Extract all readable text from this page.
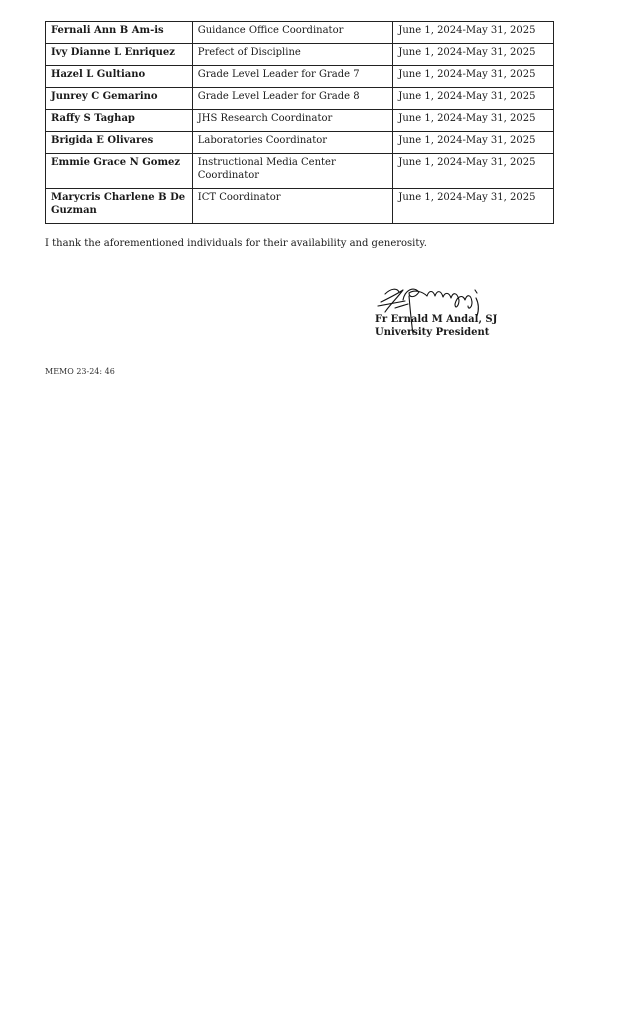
Fernali Ann B Am-is	Guidance Office Coordinator	June 1, 2024-May 31, 2025
Ivy Dianne L Enriquez	Prefect of Discipline	June 1, 2024-May 31, 2025
Hazel L Gultiano	Grade Level Leader for Grade 7	June 1, 2024-May 31, 2025
Junrey C Gemarino	Grade Level Leader for Grade 8	June 1, 2024-May 31, 2025
Raffy S Taghap	JHS Research Coordinator	June 1, 2024-May 31, 2025
Brigida E Olivares	Laboratories Coordinator	June 1, 2024-May 31, 2025
Emmie Grace N Gomez	Instructional Media Center Coordinator	June 1, 2024-May 31, 2025
Marycris Charlene B De Guzman	ICT Coordinator	June 1, 2024-May 31, 2025
I thank the aforementioned individuals for their availability and generosity.
Fr Ernald M Andal, SJ
University President
MEMO 23-24: 46
